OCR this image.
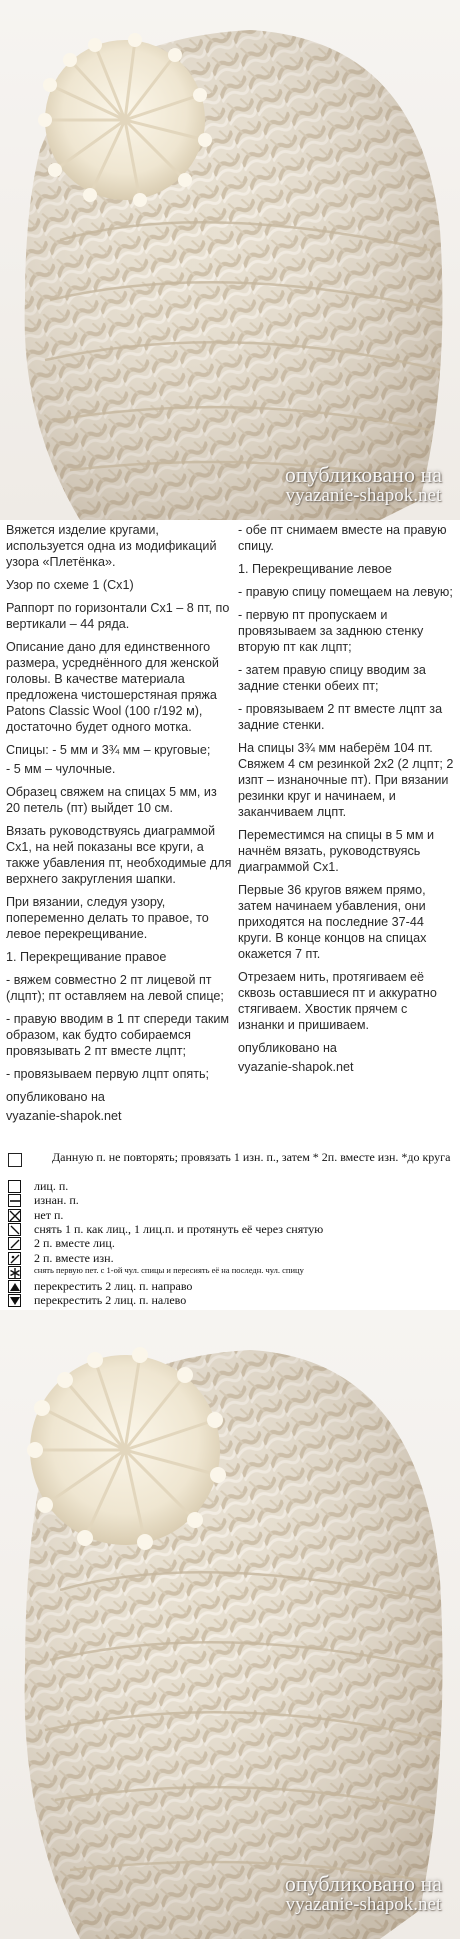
опубликовано на
vyazanie-shapok.net

Вяжется изделие кругами, используется одна из модификаций узора «Плетёнка».

Узор по схеме 1 (Сх1)

Раппорт по горизонтали Сх1 – 8 пт, по вертикали – 44 ряда.

Описание дано для единственного размера, усреднённого для женской головы. В качестве материала предложена чистошерстяная пряжа Patons Classic Wool (100 г/192 м), достаточно будет одного мотка.

Спицы: - 5 мм и 3¾ мм – круговые;

- 5 мм – чулочные.

Образец свяжем на спицах 5 мм, из 20 петель (пт) выйдет 10 см.

Вязать руководствуясь диаграммой Сх1, на ней показаны все круги, а также убавления пт, необходимые для верхнего закругления шапки.

При вязании, следуя узору, попеременно делать то правое, то левое перекрещивание.

1. Перекрещивание правое

- вяжем совместно 2 пт лицевой пт (лцпт); пт оставляем на левой спице;

- правую вводим в 1 пт спереди таким образом, как будто собираемся провязывать 2 пт вместе лцпт;

- провязываем первую лцпт опять;

опубликовано на

vyazanie-shapok.net

- обе пт снимаем вместе на правую спицу.

1. Перекрещивание левое

- правую спицу помещаем на левую;

- первую пт пропускаем и провязываем за заднюю стенку вторую пт как лцпт;

- затем правую спицу вводим за задние стенки обеих пт;

- провязываем 2 пт вместе лцпт за задние стенки.

На спицы 3¾ мм наберём 104 пт. Свяжем 4 см резинкой 2х2 (2 лцпт; 2 изпт – изнаночные пт). При вязании резинки круг и начинаем, и заканчиваем лцпт.

Переместимся на спицы в 5 мм и начнём вязать, руководствуясь диаграммой Сх1.

Первые 36 кругов вяжем прямо, затем начинаем убавления, они приходятся на последние 37-44 круги. В конце концов на спицах окажется 7 пт.

Отрезаем нить, протягиваем её сквозь оставшиеся пт и аккуратно стягиваем. Хвостик прячем с изнанки и пришиваем.

опубликовано на

vyazanie-shapok.net

Данную п. не повторять; провязать 1 изн. п., затем * 2п. вместе изн. *до круга
лиц. п.
изнан. п.
нет п.
снять 1 п. как лиц., 1 лиц.п. и протянуть её через снятую
2 п. вместе лиц.
2 п. вместе изн.
снять первую пет. с 1-ой чул. спицы и пересиять её на последн. чул. спицу
перекрестить 2 лиц. п. направо
перекрестить 2 лиц. п. налево
опубликовано на
vyazanie-shapok.net
